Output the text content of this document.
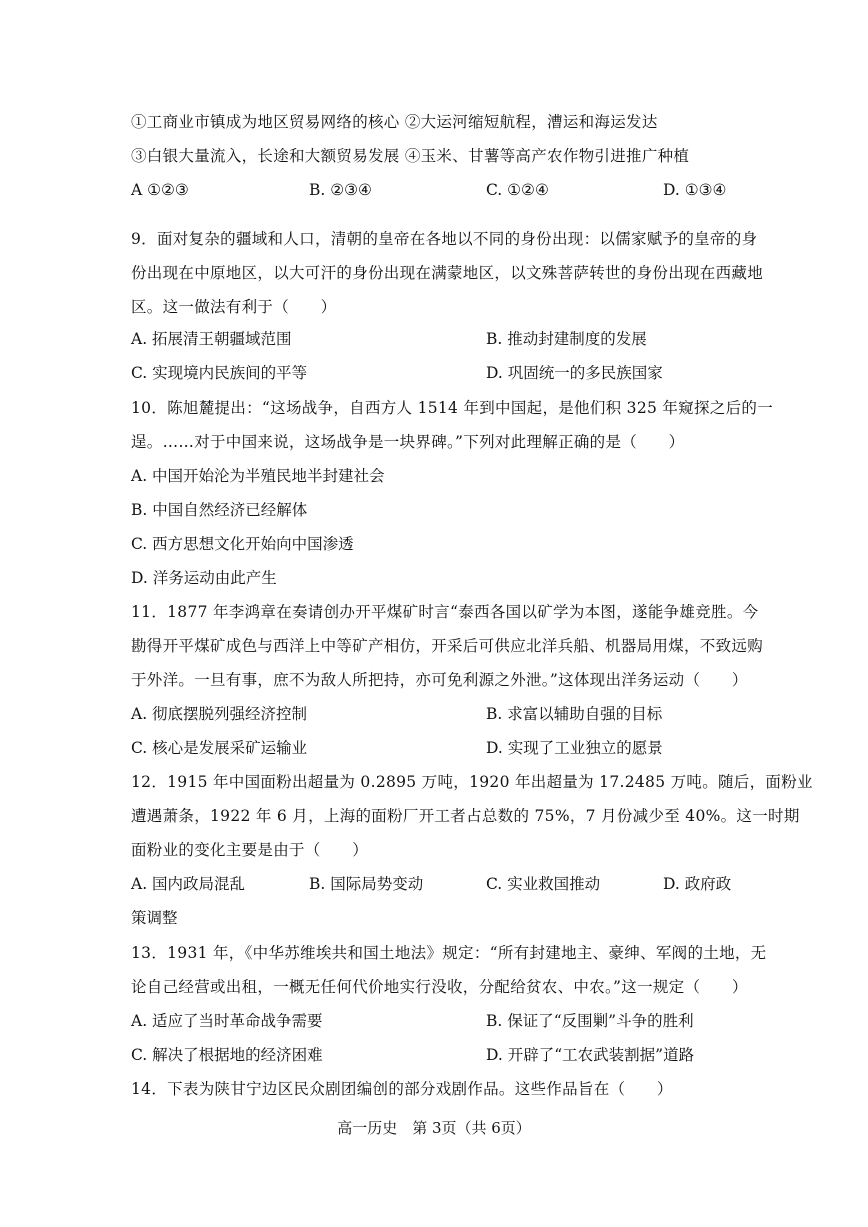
①工商业市镇成为地区贸易网络的核心 ②大运河缩短航程，漕运和海运发达
③白银大量流入，长途和大额贸易发展 ④玉米、甘薯等高产农作物引进推广种植
A ①②③	B. ②③④	C. ①②④	D. ①③④
9．面对复杂的疆域和人口，清朝的皇帝在各地以不同的身份出现：以儒家赋予的皇帝的身
份出现在中原地区，以大可汗的身份出现在满蒙地区，以文殊菩萨转世的身份出现在西藏地
区。这一做法有利于（　　）
A. 拓展清王朝疆域范围	B. 推动封建制度的发展
C. 实现境内民族间的平等	D. 巩固统一的多民族国家
10．陈旭麓提出：“这场战争，自西方人 1514 年到中国起，是他们积 325 年窥探之后的一
逞。……对于中国来说，这场战争是一块界碑。”下列对此理解正确的是（　　）
A. 中国开始沦为半殖民地半封建社会
B. 中国自然经济已经解体
C. 西方思想文化开始向中国渗透
D. 洋务运动由此产生
11．1877 年李鸿章在奏请创办开平煤矿时言“泰西各国以矿学为本图，遂能争雄竞胜。今
勘得开平煤矿成色与西洋上中等矿产相仿，开采后可供应北洋兵船、机器局用煤，不致远购
于外洋。一旦有事，庶不为敌人所把持，亦可免利源之外泄。”这体现出洋务运动（　　）
A. 彻底摆脱列强经济控制	B. 求富以辅助自强的目标
C. 核心是发展采矿运输业	D. 实现了工业独立的愿景
12．1915 年中国面粉出超量为 0.2895 万吨，1920 年出超量为 17.2485 万吨。随后，面粉业
遭遇萧条，1922 年 6 月，上海的面粉厂开工者占总数的 75%，7 月份减少至 40%。这一时期
面粉业的变化主要是由于（　　）
A. 国内政局混乱	B. 国际局势变动	C. 实业救国推动	D. 政府政
策调整
13．1931 年，《中华苏维埃共和国土地法》规定：“所有封建地主、豪绅、军阀的土地，无
论自己经营或出租，一概无任何代价地实行没收，分配给贫农、中农。”这一规定（　　）
A. 适应了当时革命战争需要	B. 保证了“反围剿”斗争的胜利
C. 解决了根据地的经济困难	D. 开辟了“工农武装割据”道路
14．下表为陕甘宁边区民众剧团编创的部分戏剧作品。这些作品旨在（　　）
高一历史　第 3页（共 6页）
